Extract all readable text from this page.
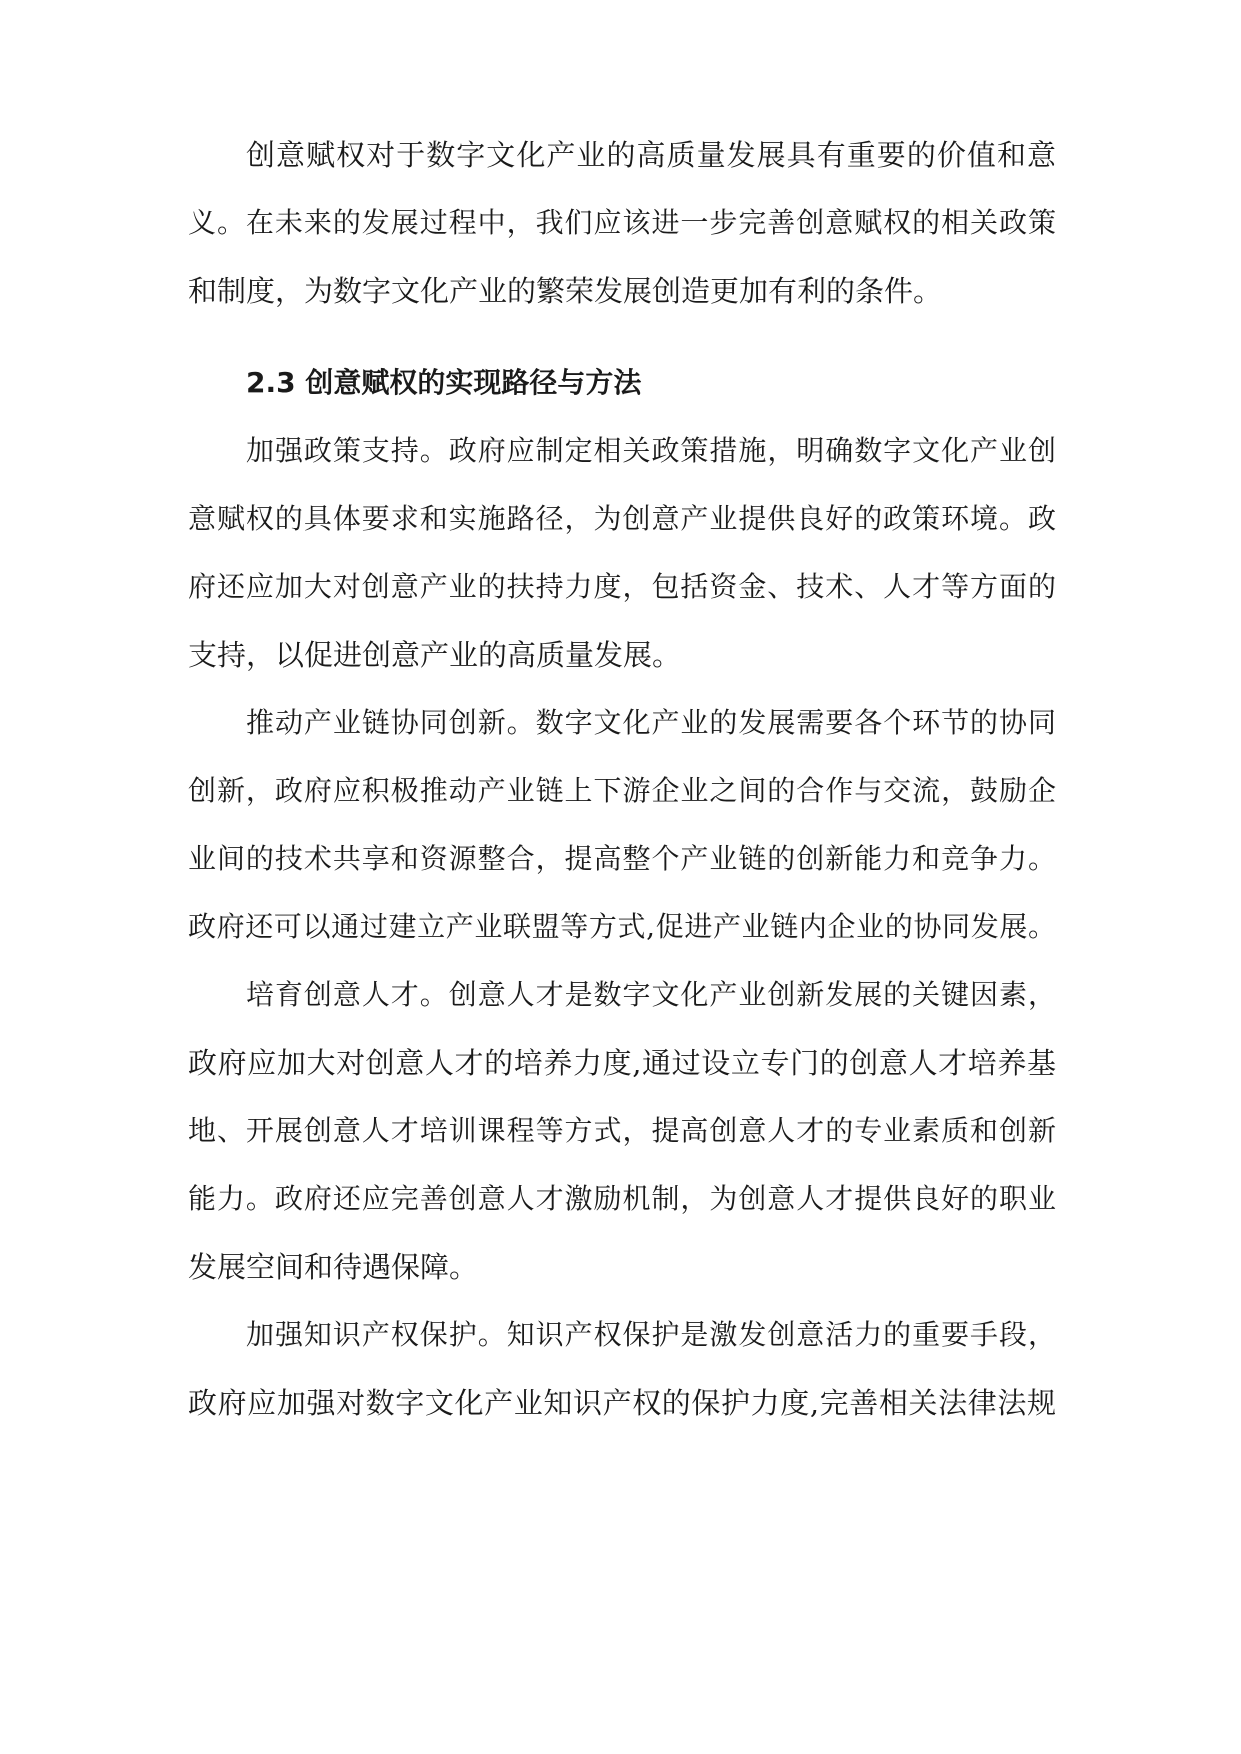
创意赋权对于数字文化产业的高质量发展具有重要的价值和意
义。在未来的发展过程中，我们应该进一步完善创意赋权的相关政策
和制度，为数字文化产业的繁荣发展创造更加有利的条件。
2.3 创意赋权的实现路径与方法
加强政策支持。政府应制定相关政策措施，明确数字文化产业创
意赋权的具体要求和实施路径，为创意产业提供良好的政策环境。政
府还应加大对创意产业的扶持力度，包括资金、技术、人才等方面的
支持，以促进创意产业的高质量发展。
推动产业链协同创新。数字文化产业的发展需要各个环节的协同
创新，政府应积极推动产业链上下游企业之间的合作与交流，鼓励企
业间的技术共享和资源整合，提高整个产业链的创新能力和竞争力。
政府还可以通过建立产业联盟等方式,促进产业链内企业的协同发展。
培育创意人才。创意人才是数字文化产业创新发展的关键因素，
政府应加大对创意人才的培养力度,通过设立专门的创意人才培养基
地、开展创意人才培训课程等方式，提高创意人才的专业素质和创新
能力。政府还应完善创意人才激励机制，为创意人才提供良好的职业
发展空间和待遇保障。
加强知识产权保护。知识产权保护是激发创意活力的重要手段，
政府应加强对数字文化产业知识产权的保护力度,完善相关法律法规
